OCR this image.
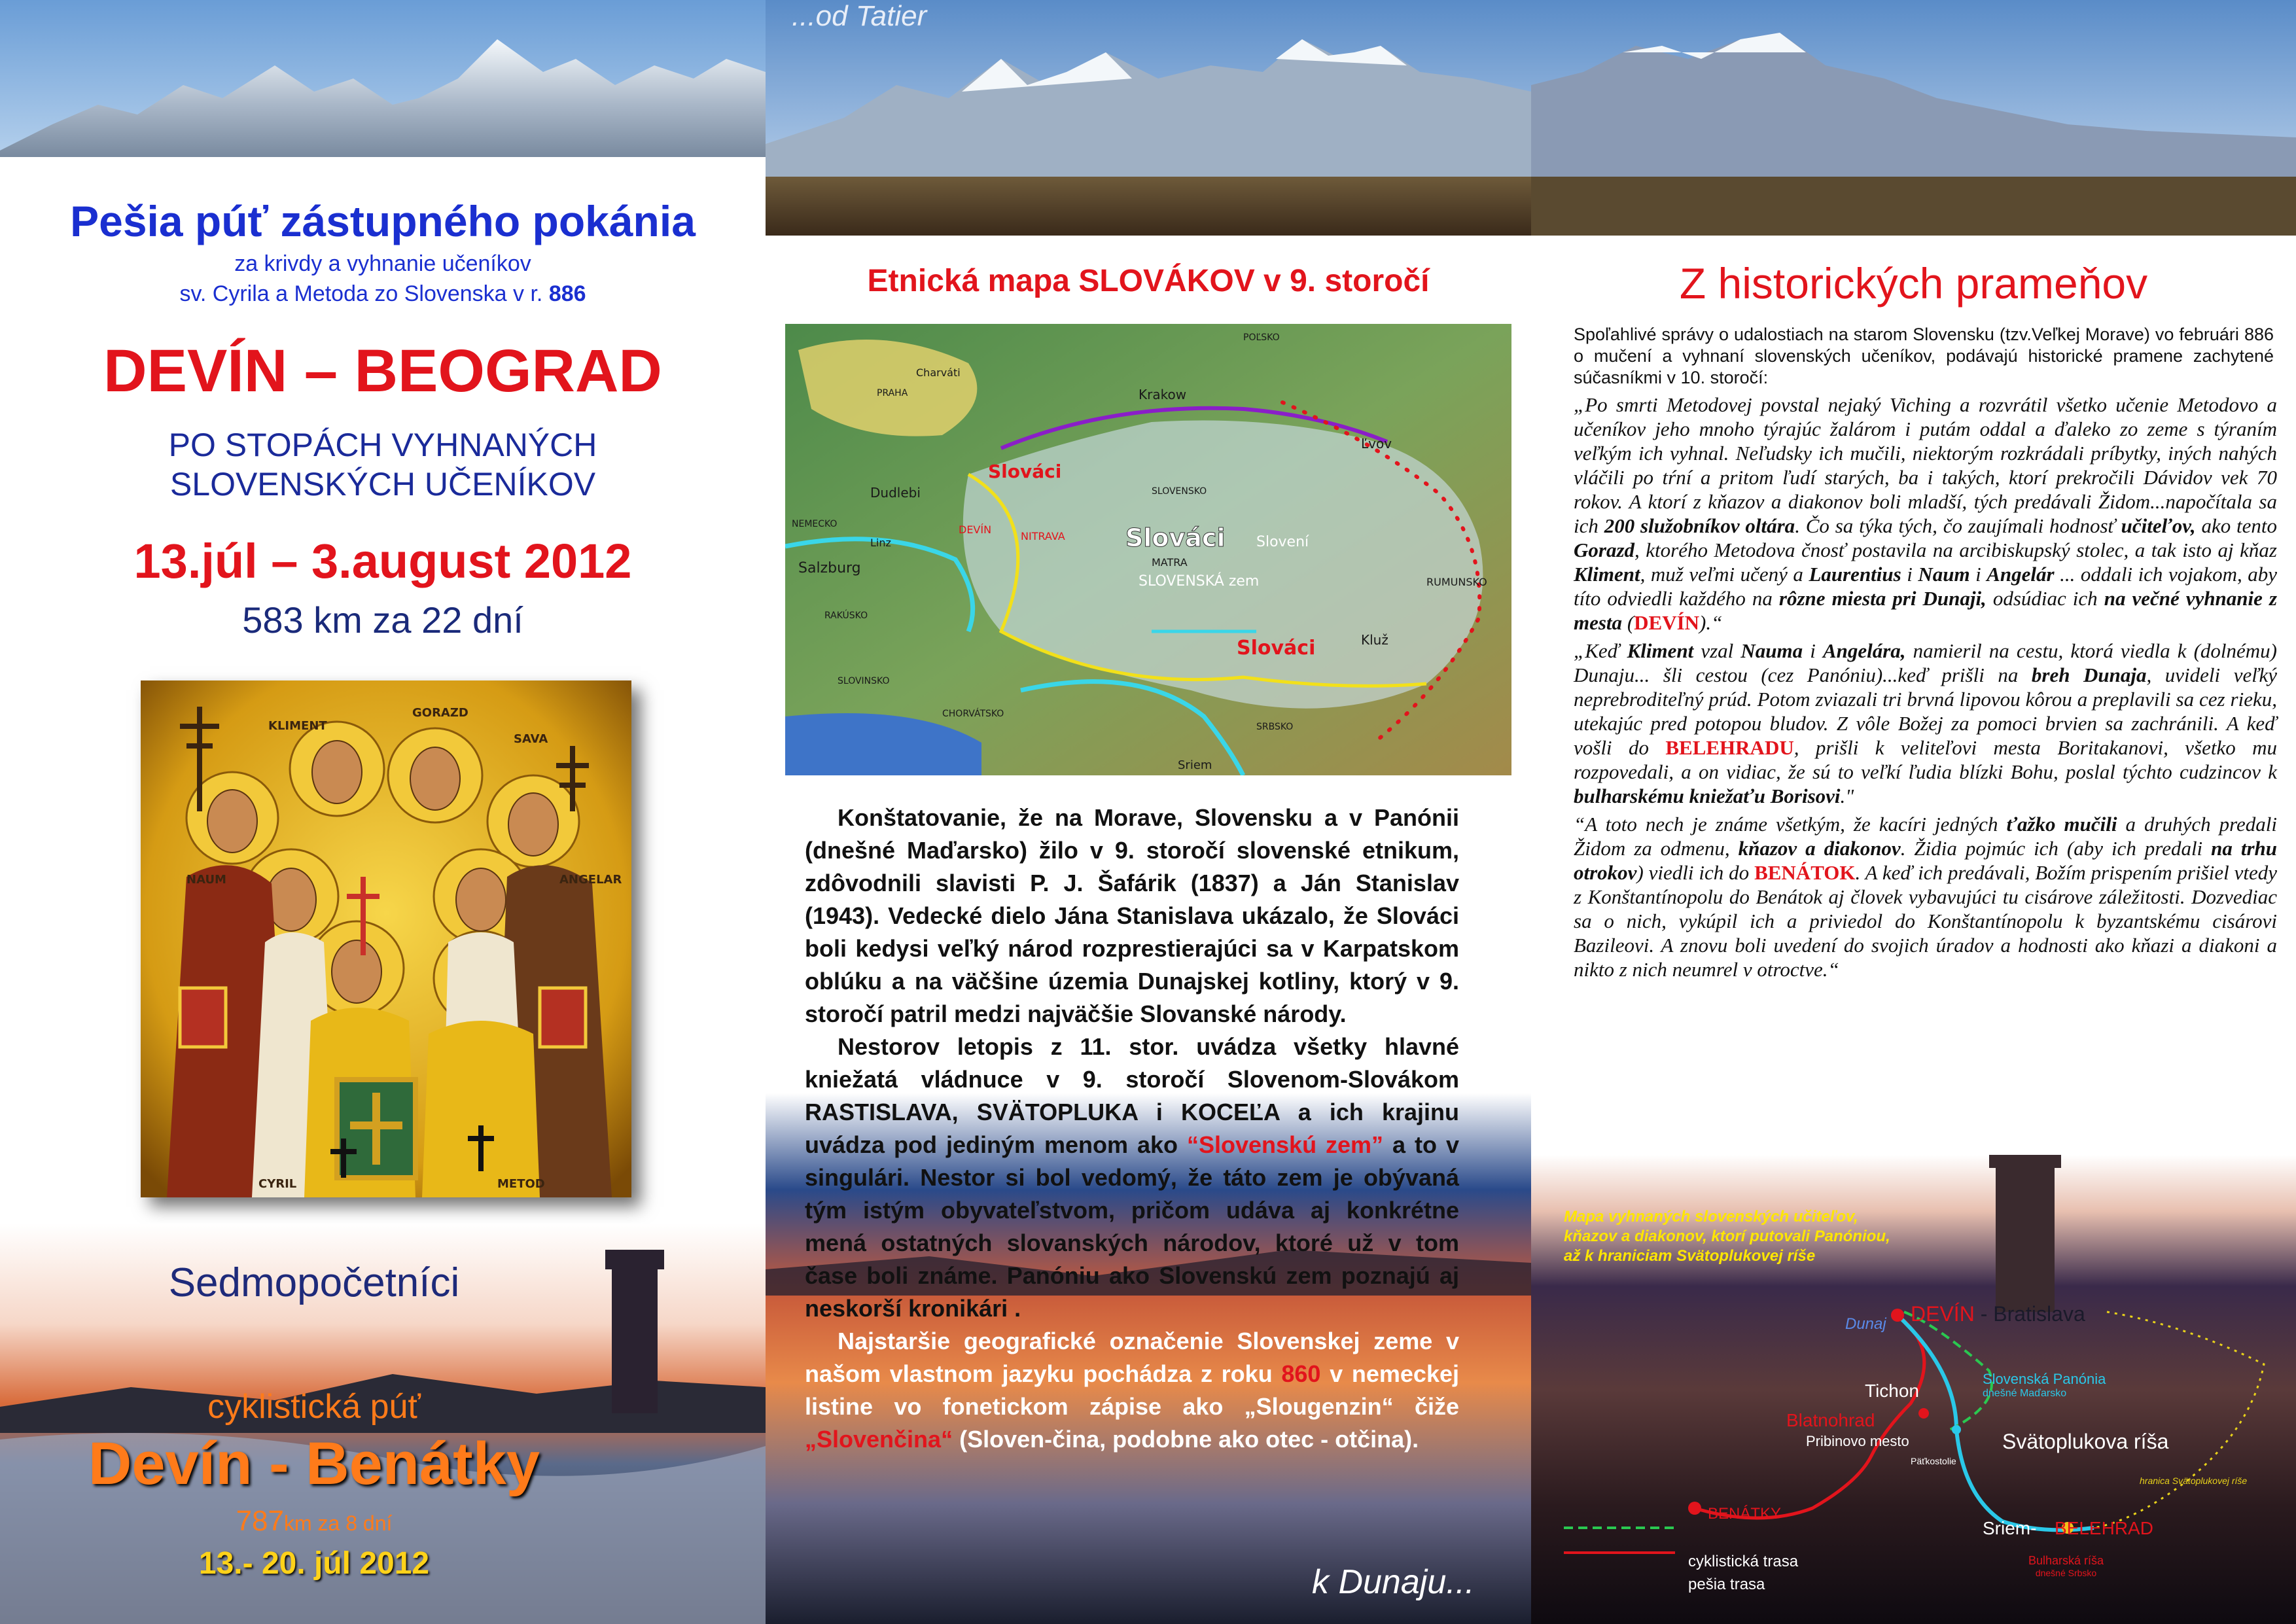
Pešia púť zástupného pokánia
za krivdy a vyhnanie učeníkov
sv. Cyrila a Metoda zo Slovenska v r. 886
DEVÍN – BEOGRAD
PO STOPÁCH VYHNANÝCH
SLOVENSKÝCH UČENÍKOV
13.júl – 3.august 2012
583 km za 22 dní
GORAZD
KLIMENT
SAVA
NAUM	ANGELAR
CYRIL	METOD
Sedmopočetníci
cyklistická púť
Devín - Benátky
787km za 8 dní
13.- 20. júl 2012
...od Tatier
Etnická mapa SLOVÁKOV v 9. storočí
Krakow
Ľvov
Slováci
Slováci
Slováci
Slovení
SLOVENSKÁ zem
Kluž
Salzburg
Dudlebi
DEVÍN
NITRAVA
Sriem
RUMUNSKO
MATRA
Charváti
PRAHA
NEMECKO
RAKÚSKO
SLOVINSKO
CHORVÁTSKO
SRBSKO
POĽSKO
SLOVENSKO
Linz

Konštatovanie, že na Morave, Slovensku a v Panónii (dnešné Maďarsko) žilo v 9. storočí slovenské etnikum, zdôvodnili slavisti P. J. Šafárik (1837) a Ján Stanislav (1943). Vedecké dielo Jána Stanislava ukázalo, že Slováci boli kedysi veľký národ rozprestierajúci sa v Karpatskom oblúku a na väčšine územia Dunajskej kotliny, ktorý v 9. storočí patril medzi najväčšie Slovanské národy.

Nestorov letopis z 11. stor. uvádza všetky hlavné kniežatá vládnuce v 9. storočí Slovenom-Slovákom RASTISLAVA, SVÄTOPLUKA i KOCEĽA a ich krajinu uvádza pod jediným menom ako “Slovenskú zem” a to v singulári. Nestor si bol vedomý, že táto zem je obývaná tým istým obyvateľstvom, pričom udáva aj konkrétne mená ostatných slovanských národov, ktoré už v tom čase boli známe. Panóniu ako Slovenskú zem poznajú aj neskorší kronikári .

Najstaršie geografické označenie Slovenskej zeme v našom vlastnom jazyku pochádza z roku 860 v nemeckej listine vo fonetickom zápise ako „Slougenzin“ čiže „Slovenčina“ (Sloven-čina, podobne ako otec - otčina).

k Dunaju...
Z historických prameňov
Spoľahlivé správy o udalostiach na starom Slovensku (tzv.Veľkej Morave) vo februári 886 o mučení a vyhnaní slovenských učeníkov, podávajú historické pramene zachytené súčasníkmi v 10. storočí:

„Po smrti Metodovej povstal nejaký Viching a rozvrátil všetko učenie Metodovo a učeníkov jeho mnoho týrajúc žalárom i putám oddal a ďaleko zo zeme s týraním veľkým ich vyhnal. Neľudsky ich mučili, niektorým rozkrádali príbytky, iných nahých vláčili po tŕní a pritom ľudí starých, ba i takých, ktorí prekročili Dávidov vek 70 rokov. A ktorí z kňazov a diakonov boli mladší, tých predávali Židom...napočítala sa ich 200 služobníkov oltára. Čo sa týka tých, čo zaujímali hodnosť učiteľov, ako tento Gorazd, ktorého Metodova čnosť postavila na arcibiskupský stolec, a tak isto aj kňaz Kliment, muž veľmi učený a Laurentius i Naum i Angelár ... oddali ich vojakom, aby títo odviedli každého na rôzne miesta pri Dunaji, odsúdiac ich na večné vyhnanie z mesta (DEVÍN).“

„Keď Kliment vzal Nauma i Angelára, namieril na cestu, ktorá viedla k (dolnému) Dunaju... šli cestou (cez Panóniu)...keď prišli na breh Dunaja, uvideli veľký neprebroditeľný prúd. Potom zviazali tri brvná lipovou kôrou a preplavili sa cez rieku, utekajúc pred potopou bludov. Z vôle Božej za pomoci brvien sa zachránili. A keď vošli do BELEHRADU, prišli k veliteľovi mesta Boritakanovi, všetko mu rozpovedali, a on vidiac, že sú to veľkí ľudia blízki Bohu, poslal týchto cudzincov k bulharskému kniežaťu Borisovi."

“A toto nech je známe všetkým, že kacíri jedných ťažko mučili a druhých predali Židom za odmenu, kňazov a diakonov. Židia pojmúc ich (aby ich predali na trhu otrokov) viedli ich do BENÁTOK. A keď ich predávali, Božím prispením prišiel vtedy z Konštantínopolu do Benátok aj človek vybavujúci tu cisárove záležitosti. Dozvediac sa o nich, vykúpil ich a priviedol do Konštantínopolu k byzantskému cisárovi Bazileovi. A znovu boli uvedení do svojich úradov a hodnosti ako kňazi a diakoni a nikto z nich neumrel v otroctve.“

Mapa vyhnaných slovenských učiteľov,
kňazov a diakonov, ktorí putovali Panóniou,
až k hraniciam Svätoplukovej ríše
DEVÍN - Bratislava
Dunaj
Tichon
Slovenská Panónia
dnešné Maďarsko
Blatnohrad
Pribinovo mesto
Päťkostolie
Svätoplukova ríša
hranica Svätoplukovej ríše
BENÁTKY
Sriem- BELEHRAD
Bulharská ríša
dnešné Srbsko
cyklistická trasa
pešia trasa
